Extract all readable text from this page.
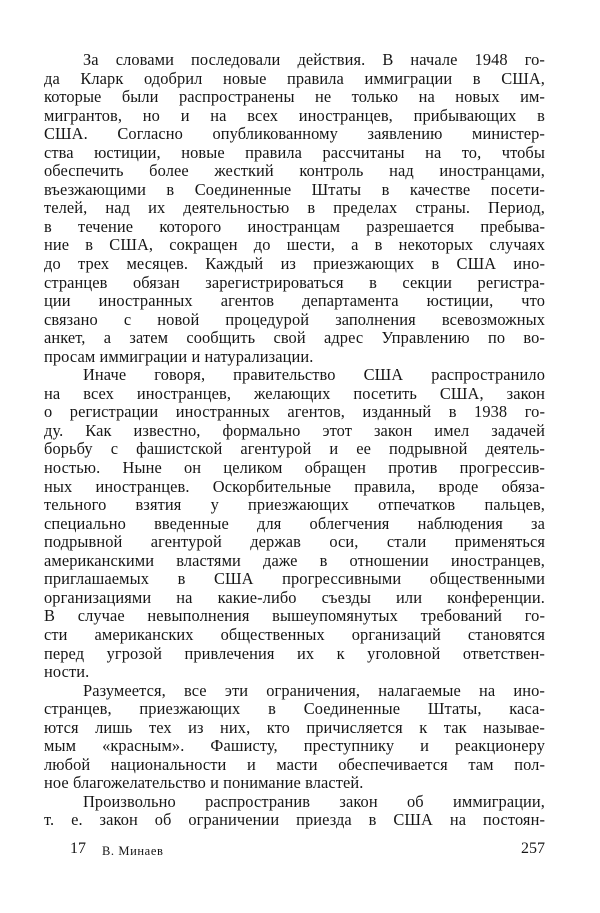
За словами последовали действия. В начале 1948 го-
да Кларк одобрил новые правила иммиграции в США,
которые были распространены не только на новых им-
мигрантов, но и на всех иностранцев, прибывающих в
США. Согласно опубликованному заявлению министер-
ства юстиции, новые правила рассчитаны на то, чтобы
обеспечить более жесткий контроль над иностранцами,
въезжающими в Соединенные Штаты в качестве посети-
телей, над их деятельностью в пределах страны. Период,
в течение которого иностранцам разрешается пребыва-
ние в США, сокращен до шести, а в некоторых случаях
до трех месяцев. Каждый из приезжающих в США ино-
странцев обязан зарегистрироваться в секции регистра-
ции иностранных агентов департамента юстиции, что
связано с новой процедурой заполнения всевозможных
анкет, а затем сообщить свой адрес Управлению по во-
просам иммиграции и натурализации.
Иначе говоря, правительство США распространило
на всех иностранцев, желающих посетить США, закон
о регистрации иностранных агентов, изданный в 1938 го-
ду. Как известно, формально этот закон имел задачей
борьбу с фашистской агентурой и ее подрывной деятель-
ностью. Ныне он целиком обращен против прогрессив-
ных иностранцев. Оскорбительные правила, вроде обяза-
тельного взятия у приезжающих отпечатков пальцев,
специально введенные для облегчения наблюдения за
подрывной агентурой держав оси, стали применяться
американскими властями даже в отношении иностранцев,
приглашаемых в США прогрессивными общественными
организациями на какие-либо съезды или конференции.
В случае невыполнения вышеупомянутых требований го-
сти американских общественных организаций становятся
перед угрозой привлечения их к уголовной ответствен-
ности.
Разумеется, все эти ограничения, налагаемые на ино-
странцев, приезжающих в Соединенные Штаты, каса-
ются лишь тех из них, кто причисляется к так называе-
мым «красным». Фашисту, преступнику и реакционеру
любой национальности и масти обеспечивается там пол-
ное благожелательство и понимание властей.
Произвольно распространив закон об иммиграции,
т. е. закон об ограничении приезда в США на постоян-
17 В. Минаев	257
